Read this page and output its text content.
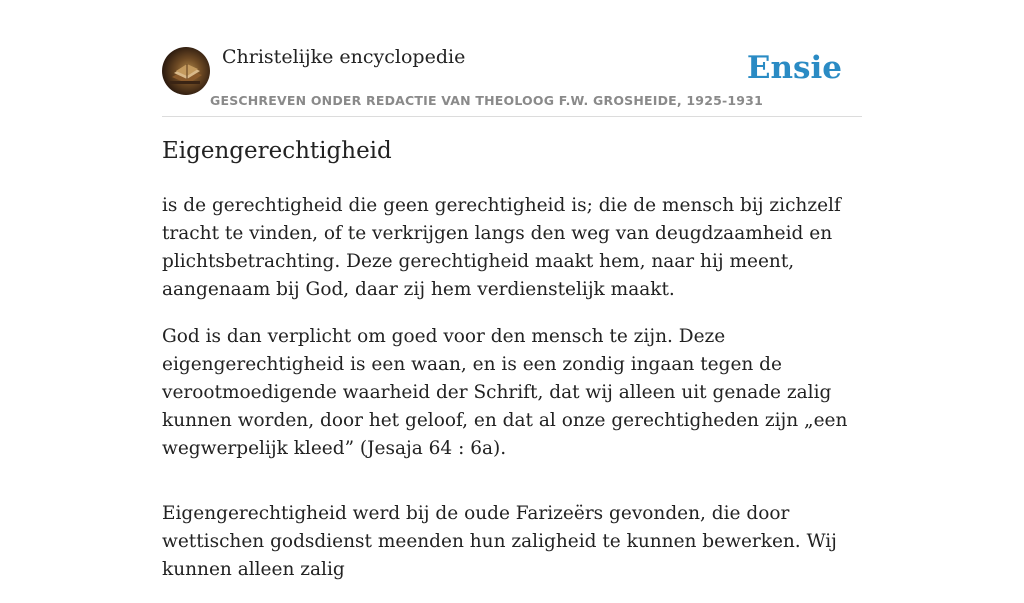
Christelijke encyclopedie
GESCHREVEN ONDER REDACTIE VAN THEOLOOG F.W. GROSHEIDE, 1925-1931
Ensie
Eigengerechtigheid

is de gerechtigheid die geen gerechtigheid is; die de mensch bij zichzelf tracht te vinden, of te verkrijgen langs den weg van deugdzaamheid en plichtsbetrachting. Deze gerechtigheid maakt hem, naar hij meent, aangenaam bij God, daar zij hem verdienstelijk maakt.

God is dan verplicht om goed voor den mensch te zijn. Deze eigengerechtigheid is een waan, en is een zondig ingaan tegen de verootmoedigende waarheid der Schrift, dat wij alleen uit genade zalig kunnen worden, door het geloof, en dat al onze gerechtigheden zijn „een wegwerpelijk kleed” (Jesaja 64 : 6a).

Eigengerechtigheid werd bij de oude Farizeërs gevonden, die door wettischen godsdienst meenden hun zaligheid te kunnen bewerken. Wij kunnen alleen zalig
